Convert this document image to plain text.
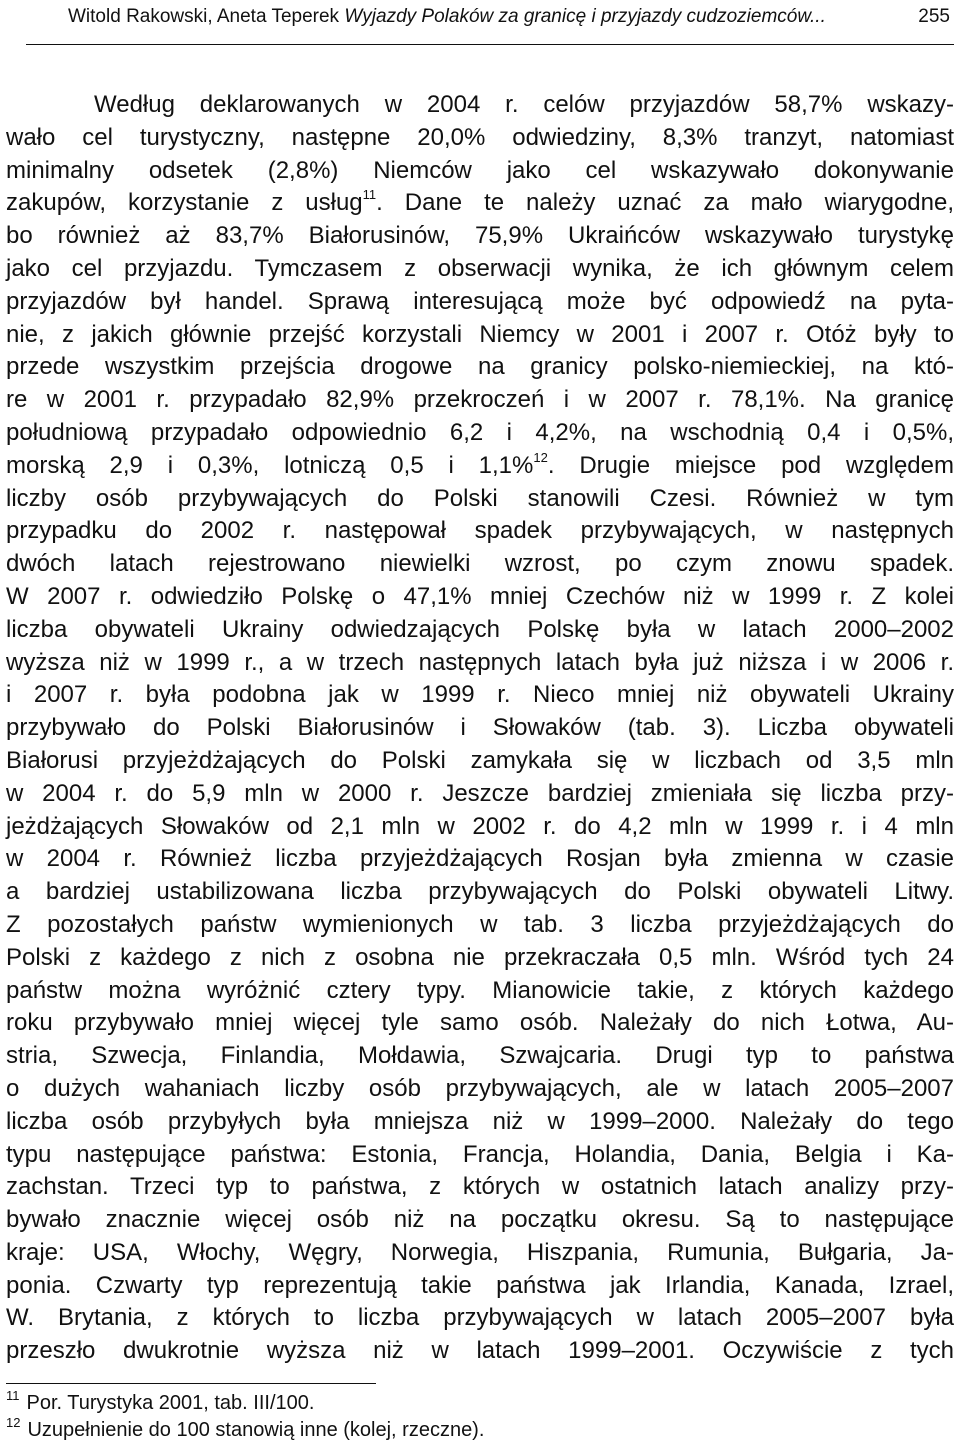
Witold Rakowski, Aneta Teperek Wyjazdy Polaków za granicę i przyjazdy cudzoziemców...	255
Według deklarowanych w 2004 r. celów przyjazdów 58,7% wskazy-
wało cel turystyczny, następne 20,0% odwiedziny, 8,3% tranzyt, natomiast
minimalny odsetek (2,8%) Niemców jako cel wskazywało dokonywanie
zakupów, korzystanie z usług$^{11}$. Dane te należy uznać za mało wiarygodne,
bo również aż 83,7% Białorusinów, 75,9% Ukraińców wskazywało turystykę
jako cel przyjazdu. Tymczasem z obserwacji wynika, że ich głównym celem
przyjazdów był handel. Sprawą interesującą może być odpowiedź na pyta-
nie, z jakich głównie przejść korzystali Niemcy w 2001 i 2007 r. Otóż były to
przede wszystkim przejścia drogowe na granicy polsko-niemieckiej, na któ-
re w 2001 r. przypadało 82,9% przekroczeń i w 2007 r. 78,1%. Na granicę
południową przypadało odpowiednio 6,2 i 4,2%, na wschodnią 0,4 i 0,5%,
morską 2,9 i 0,3%, lotniczą 0,5 i 1,1%$^{12}$. Drugie miejsce pod względem
liczby osób przybywających do Polski stanowili Czesi. Również w tym
przypadku do 2002 r. następował spadek przybywających, w następnych
dwóch latach rejestrowano niewielki wzrost, po czym znowu spadek.
W 2007 r. odwiedziło Polskę o 47,1% mniej Czechów niż w 1999 r. Z kolei
liczba obywateli Ukrainy odwiedzających Polskę była w latach 2000–2002
wyższa niż w 1999 r., a w trzech następnych latach była już niższa i w 2006 r.
i 2007 r. była podobna jak w 1999 r. Nieco mniej niż obywateli Ukrainy
przybywało do Polski Białorusinów i Słowaków (tab. 3). Liczba obywateli
Białorusi przyjeżdżających do Polski zamykała się w liczbach od 3,5 mln
w 2004 r. do 5,9 mln w 2000 r. Jeszcze bardziej zmieniała się liczba przy-
jeżdżających Słowaków od 2,1 mln w 2002 r. do 4,2 mln w 1999 r. i 4 mln
w 2004 r. Również liczba przyjeżdżających Rosjan była zmienna w czasie
a bardziej ustabilizowana liczba przybywających do Polski obywateli Litwy.
Z pozostałych państw wymienionych w tab. 3 liczba przyjeżdżających do
Polski z każdego z nich z osobna nie przekraczała 0,5 mln. Wśród tych 24
państw można wyróżnić cztery typy. Mianowicie takie, z których każdego
roku przybywało mniej więcej tyle samo osób. Należały do nich Łotwa, Au-
stria, Szwecja, Finlandia, Mołdawia, Szwajcaria. Drugi typ to państwa
o dużych wahaniach liczby osób przybywających, ale w latach 2005–2007
liczba osób przybyłych była mniejsza niż w 1999–2000. Należały do tego
typu następujące państwa: Estonia, Francja, Holandia, Dania, Belgia i Ka-
zachstan. Trzeci typ to państwa, z których w ostatnich latach analizy przy-
bywało znacznie więcej osób niż na początku okresu. Są to następujące
kraje: USA, Włochy, Węgry, Norwegia, Hiszpania, Rumunia, Bułgaria, Ja-
ponia. Czwarty typ reprezentują takie państwa jak Irlandia, Kanada, Izrael,
W. Brytania, z których to liczba przybywających w latach 2005–2007 była
przeszło dwukrotnie wyższa niż w latach 1999–2001. Oczywiście z tych
$^{11}$ Por. Turystyka 2001, tab. III/100.
$^{12}$ Uzupełnienie do 100 stanowią inne (kolej, rzeczne).
